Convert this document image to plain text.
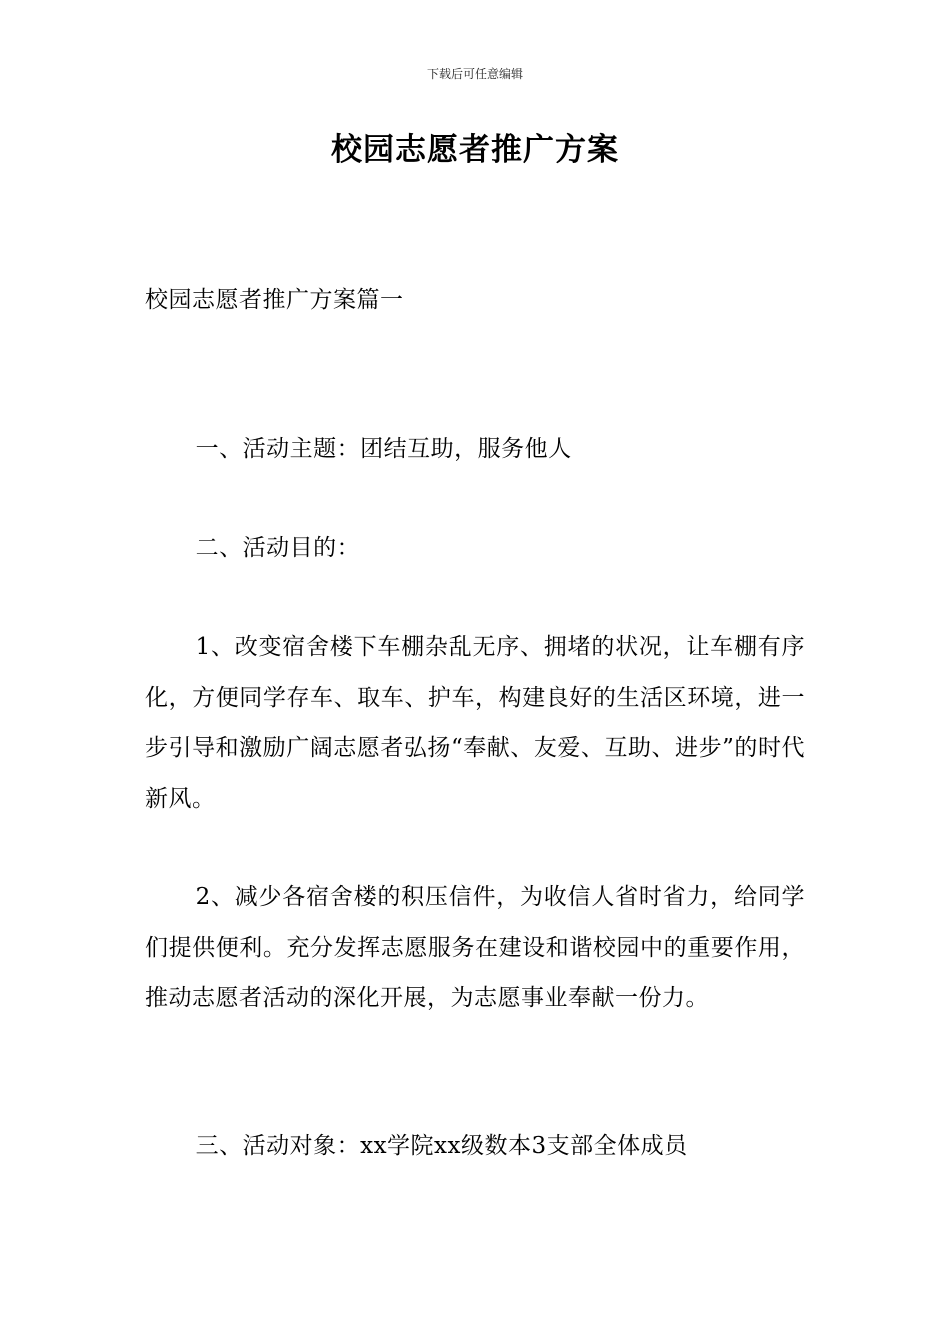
下载后可任意编辑
校园志愿者推广方案
校园志愿者推广方案篇一

一、活动主题：团结互助，服务他人

二、活动目的：

1、改变宿舍楼下车棚杂乱无序、拥堵的状况，让车棚有序化，方便同学存车、取车、护车，构建良好的生活区环境，进一步引导和激励广阔志愿者弘扬“奉献、友爱、互助、进步”的时代新风。

2、减少各宿舍楼的积压信件，为收信人省时省力，给同学们提供便利。充分发挥志愿服务在建设和谐校园中的重要作用，推动志愿者活动的深化开展，为志愿事业奉献一份力。

三、活动对象：xx学院xx级数本3支部全体成员
